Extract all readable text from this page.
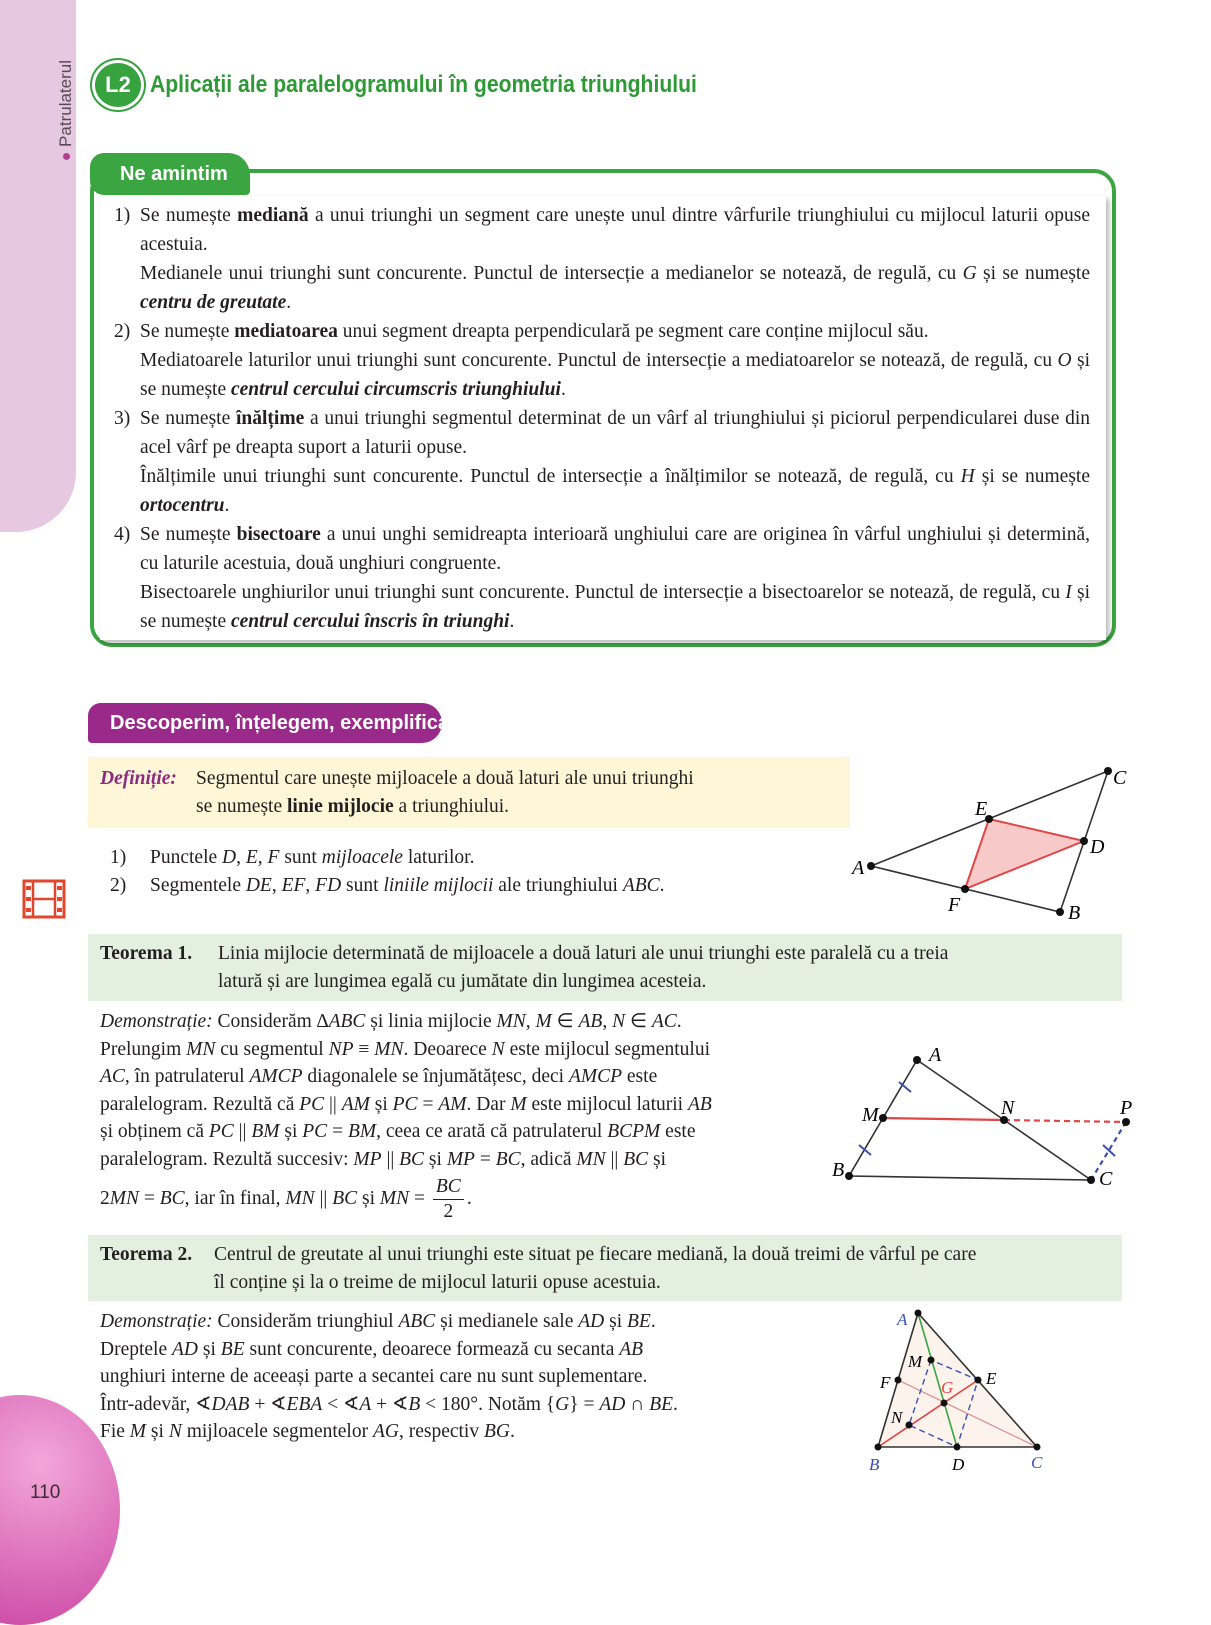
Patrulaterul
110
L2 Aplicații ale paralelogramului în geometria triunghiului
Ne amintim
1) Se numește mediană a unui triunghi un segment care unește unul dintre vârfurile triunghiului cu mijlocul laturii opuse acestuia.

Medianele unui triunghi sunt concurente. Punctul de intersecție a medianelor se notează, de regulă, cu G și se numește centru de greutate.

2) Se numește mediatoarea unui segment dreapta perpendiculară pe segment care conține mijlocul său.

Mediatoarele laturilor unui triunghi sunt concurente. Punctul de intersecție a mediatoarelor se notează, de regulă, cu O și se numește centrul cercului circumscris triunghiului.

3) Se numește înălțime a unui triunghi segmentul determinat de un vârf al triunghiului și piciorul perpendicularei duse din acel vârf pe dreapta suport a laturii opuse.

Înălțimile unui triunghi sunt concurente. Punctul de intersecție a înălțimilor se notează, de regulă, cu H și se numește ortocentru.

4) Se numește bisectoare a unui unghi semidreapta interioară unghiului care are originea în vârful unghiului și determină, cu laturile acestuia, două unghiuri congruente.

Bisectoarele unghiurilor unui triunghi sunt concurente. Punctul de intersecție a bisectoarelor se notează, de regulă, cu I și se numește centrul cercului înscris în triunghi.

Descoperim, înțelegem, exemplificăm
Definiție: Segmentul care unește mijloacele a două laturi ale unui triunghi
se numește linie mijlocie a triunghiului.
1)	Punctele D, E, F sunt mijloacele laturilor.
2)	Segmentele DE, EF, FD sunt liniile mijlocii ale triunghiului ABC.
A
C
B
E
D
F
Teorema 1.	Linia mijlocie determinată de mijloacele a două laturi ale unui triunghi este paralelă cu a treia
latură și are lungimea egală cu jumătate din lungimea acesteia.

Demonstrație: Considerăm ∆ABC și linia mijlocie MN, M ∈ AB, N ∈ AC.

Prelungim MN cu segmentul NP ≡ MN. Deoarece N este mijlocul segmentului

AC, în patrulaterul AMCP diagonalele se înjumătățesc, deci AMCP este

paralelogram. Rezultă că PC || AM și PC = AM. Dar M este mijlocul laturii AB

și obținem că PC || BM și PC = BM, ceea ce arată că patrulaterul BCPM este

paralelogram. Rezultă succesiv: MP || BC și MP = BC, adică MN || BC și

2MN = BC, iar în final, MN || BC și MN = $\frac{BC}{2}$ .

A
M	N	P
B	C
Teorema 2.	Centrul de greutate al unui triunghi este situat pe fiecare mediană, la două treimi de vârful pe care
îl conține și la o treime de mijlocul laturii opuse acestuia.

Demonstrație: Considerăm triunghiul ABC și medianele sale AD și BE.

Dreptele AD și BE sunt concurente, deoarece formează cu secanta AB

unghiuri interne de aceeași parte a secantei care nu sunt suplementare.

Într-adevăr, ∢DAB + ∢EBA < ∢A + ∢B < 180°. Notăm {G} = AD ∩ BE.

Fie M și N mijloacele segmentelor AG, respectiv BG.

A
B	C
D
E
F	G
M
N
